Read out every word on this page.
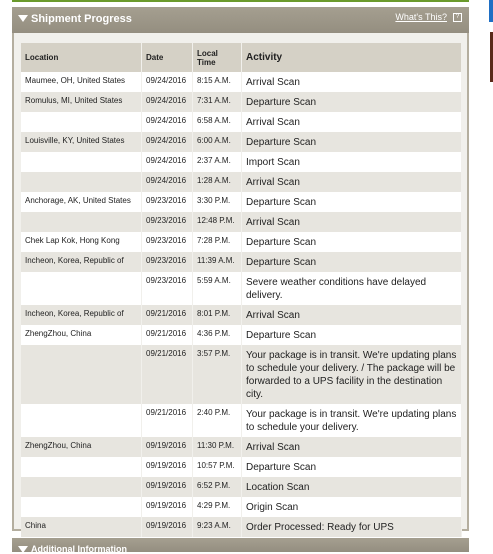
Shipment Progress	What's This?	?
Location	Date	Local
Time	Activity
Maumee, OH, United States	09/24/2016	8:15 A.M.	Arrival Scan
Romulus, MI, United States	09/24/2016	7:31 A.M.	Departure Scan
	09/24/2016	6:58 A.M.	Arrival Scan
Louisville, KY, United States	09/24/2016	6:00 A.M.	Departure Scan
	09/24/2016	2:37 A.M.	Import Scan
	09/24/2016	1:28 A.M.	Arrival Scan
Anchorage, AK, United States	09/23/2016	3:30 P.M.	Departure Scan
	09/23/2016	12:48 P.M.	Arrival Scan
Chek Lap Kok, Hong Kong	09/23/2016	7:28 P.M.	Departure Scan
Incheon, Korea, Republic of	09/23/2016	11:39 A.M.	Departure Scan
	09/23/2016	5:59 A.M.	Severe weather conditions have delayed delivery.
Incheon, Korea, Republic of	09/21/2016	8:01 P.M.	Arrival Scan
ZhengZhou, China	09/21/2016	4:36 P.M.	Departure Scan
	09/21/2016	3:57 P.M.	Your package is in transit. We're updating plans to schedule your delivery. / The package will be forwarded to a UPS facility in the destination city.
	09/21/2016	2:40 P.M.	Your package is in transit. We're updating plans to schedule your delivery.
ZhengZhou, China	09/19/2016	11:30 P.M.	Arrival Scan
	09/19/2016	10:57 P.M.	Departure Scan
	09/19/2016	6:52 P.M.	Location Scan
	09/19/2016	4:29 P.M.	Origin Scan
China	09/19/2016	9:23 A.M.	Order Processed: Ready for UPS
Additional Information
